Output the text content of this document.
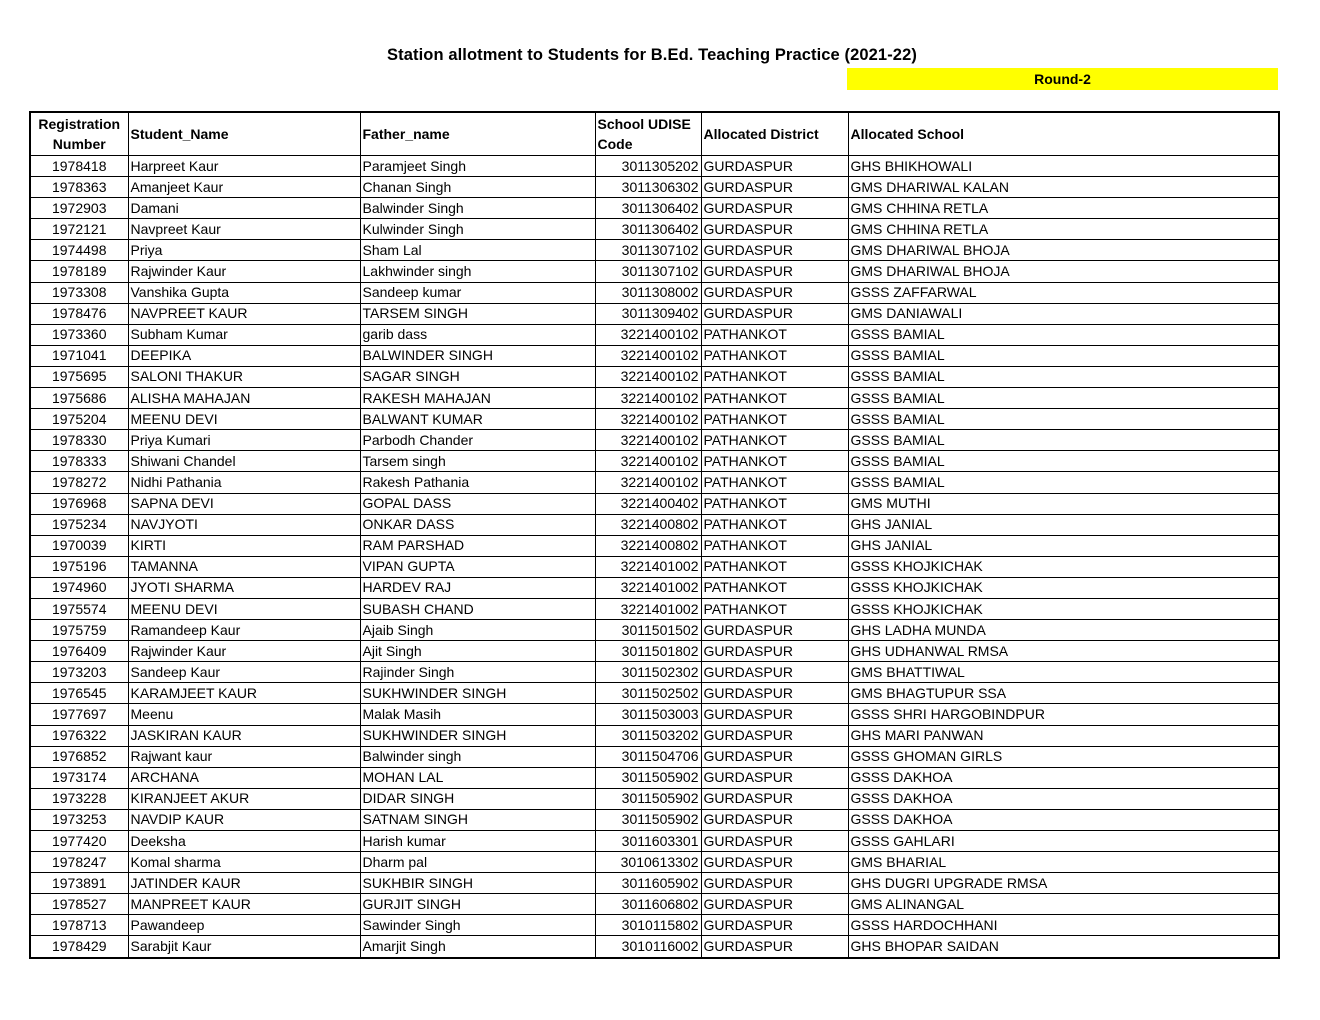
Station allotment to Students for B.Ed. Teaching Practice (2021-22)
Round-2
Registration Number	Student_Name	Father_name	School UDISE Code	Allocated District	Allocated School
1978418	Harpreet Kaur	Paramjeet Singh	3011305202	GURDASPUR	GHS BHIKHOWALI
1978363	Amanjeet Kaur	Chanan Singh	3011306302	GURDASPUR	GMS DHARIWAL KALAN
1972903	Damani	Balwinder Singh	3011306402	GURDASPUR	GMS CHHINA RETLA
1972121	Navpreet Kaur	Kulwinder Singh	3011306402	GURDASPUR	GMS CHHINA RETLA
1974498	Priya	Sham Lal	3011307102	GURDASPUR	GMS DHARIWAL BHOJA
1978189	Rajwinder Kaur	Lakhwinder singh	3011307102	GURDASPUR	GMS DHARIWAL BHOJA
1973308	Vanshika Gupta	Sandeep kumar	3011308002	GURDASPUR	GSSS ZAFFARWAL
1978476	NAVPREET KAUR	TARSEM SINGH	3011309402	GURDASPUR	GMS DANIAWALI
1973360	Subham Kumar	garib dass	3221400102	PATHANKOT	GSSS BAMIAL
1971041	DEEPIKA	BALWINDER SINGH	3221400102	PATHANKOT	GSSS BAMIAL
1975695	SALONI THAKUR	SAGAR SINGH	3221400102	PATHANKOT	GSSS BAMIAL
1975686	ALISHA MAHAJAN	RAKESH MAHAJAN	3221400102	PATHANKOT	GSSS BAMIAL
1975204	MEENU DEVI	BALWANT KUMAR	3221400102	PATHANKOT	GSSS BAMIAL
1978330	Priya Kumari	Parbodh Chander	3221400102	PATHANKOT	GSSS BAMIAL
1978333	Shiwani Chandel	Tarsem singh	3221400102	PATHANKOT	GSSS BAMIAL
1978272	Nidhi Pathania	Rakesh Pathania	3221400102	PATHANKOT	GSSS BAMIAL
1976968	SAPNA DEVI	GOPAL DASS	3221400402	PATHANKOT	GMS MUTHI
1975234	NAVJYOTI	ONKAR DASS	3221400802	PATHANKOT	GHS JANIAL
1970039	KIRTI	RAM PARSHAD	3221400802	PATHANKOT	GHS JANIAL
1975196	TAMANNA	VIPAN GUPTA	3221401002	PATHANKOT	GSSS KHOJKICHAK
1974960	JYOTI SHARMA	HARDEV RAJ	3221401002	PATHANKOT	GSSS KHOJKICHAK
1975574	MEENU DEVI	SUBASH CHAND	3221401002	PATHANKOT	GSSS KHOJKICHAK
1975759	Ramandeep Kaur	Ajaib Singh	3011501502	GURDASPUR	GHS LADHA MUNDA
1976409	Rajwinder Kaur	Ajit Singh	3011501802	GURDASPUR	GHS UDHANWAL RMSA
1973203	Sandeep Kaur	Rajinder Singh	3011502302	GURDASPUR	GMS BHATTIWAL
1976545	KARAMJEET KAUR	SUKHWINDER SINGH	3011502502	GURDASPUR	GMS BHAGTUPUR SSA
1977697	Meenu	Malak Masih	3011503003	GURDASPUR	GSSS SHRI HARGOBINDPUR
1976322	JASKIRAN KAUR	SUKHWINDER SINGH	3011503202	GURDASPUR	GHS MARI PANWAN
1976852	Rajwant kaur	Balwinder singh	3011504706	GURDASPUR	GSSS GHOMAN GIRLS
1973174	ARCHANA	MOHAN LAL	3011505902	GURDASPUR	GSSS DAKHOA
1973228	KIRANJEET AKUR	DIDAR SINGH	3011505902	GURDASPUR	GSSS DAKHOA
1973253	NAVDIP KAUR	SATNAM SINGH	3011505902	GURDASPUR	GSSS DAKHOA
1977420	Deeksha	Harish kumar	3011603301	GURDASPUR	GSSS GAHLARI
1978247	Komal sharma	Dharm pal	3010613302	GURDASPUR	GMS BHARIAL
1973891	JATINDER KAUR	SUKHBIR SINGH	3011605902	GURDASPUR	GHS DUGRI UPGRADE RMSA
1978527	MANPREET KAUR	GURJIT SINGH	3011606802	GURDASPUR	GMS ALINANGAL
1978713	Pawandeep	Sawinder Singh	3010115802	GURDASPUR	GSSS HARDOCHHANI
1978429	Sarabjit Kaur	Amarjit Singh	3010116002	GURDASPUR	GHS BHOPAR SAIDAN
